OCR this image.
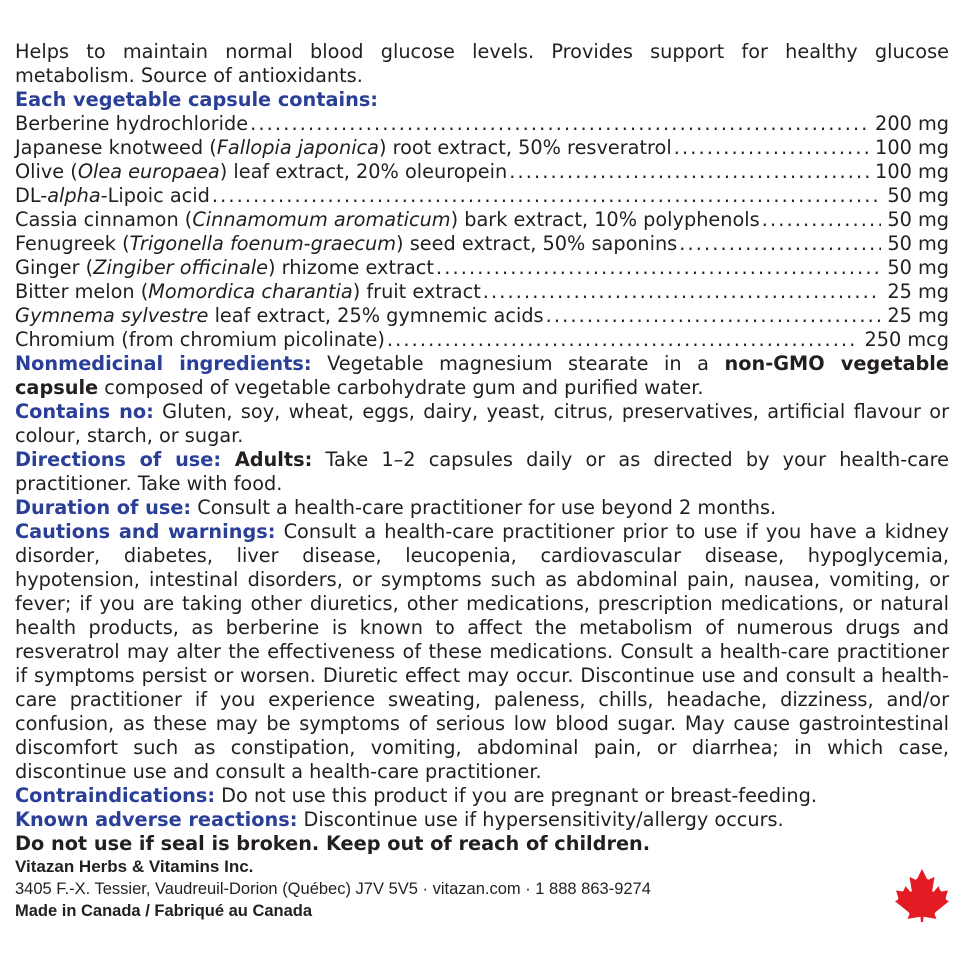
Helps to maintain normal blood glucose levels. Provides support for healthy glucose metabolism. Source of antioxidants.

Each vegetable capsule contains:

Berberine hydrochloride . . .	200 mg
Japanese knotweed (Fallopia japonica) root extract, 50% resveratrol . . .	100 mg
Olive (Olea europaea) leaf extract, 20% oleuropein . . .	100 mg
DL-alpha-Lipoic acid . . .	50 mg
Cassia cinnamon (Cinnamomum aromaticum) bark extract, 10% polyphenols . . .	50 mg
Fenugreek (Trigonella foenum-graecum) seed extract, 50% saponins . . .	50 mg
Ginger (Zingiber officinale) rhizome extract . . .	50 mg
Bitter melon (Momordica charantia) fruit extract . . .	25 mg
Gymnema sylvestre leaf extract, 25% gymnemic acids . . .	25 mg
Chromium (from chromium picolinate) . . .	250 mcg

Nonmedicinal ingredients: Vegetable magnesium stearate in a non-GMO vegetable capsule composed of vegetable carbohydrate gum and purified water.

Contains no: Gluten, soy, wheat, eggs, dairy, yeast, citrus, preservatives, artificial flavour or colour, starch, or sugar.

Directions of use: Adults: Take 1–2 capsules daily or as directed by your health-care practitioner. Take with food.

Duration of use: Consult a health-care practitioner for use beyond 2 months.

Cautions and warnings: Consult a health-care practitioner prior to use if you have a kidney disorder, diabetes, liver disease, leucopenia, cardiovascular disease, hypoglycemia, hypotension, intestinal disorders, or symptoms such as abdominal pain, nausea, vomiting, or fever; if you are taking other diuretics, other medications, prescription medications, or natural health products, as berberine is known to affect the metabolism of numerous drugs and resveratrol may alter the effectiveness of these medications. Consult a health-care practitioner if symptoms persist or worsen. Diuretic effect may occur. Discontinue use and consult a health-care practitioner if you experience sweating, paleness, chills, headache, dizziness, and/or confusion, as these may be symptoms of serious low blood sugar. May cause gastrointestinal discomfort such as constipation, vomiting, abdominal pain, or diarrhea; in which case, discontinue use and consult a health-care practitioner.

Contraindications: Do not use this product if you are pregnant or breast-feeding.

Known adverse reactions: Discontinue use if hypersensitivity/allergy occurs.

Do not use if seal is broken. Keep out of reach of children.

Vitazan Herbs & Vitamins Inc.
3405 F.-X. Tessier, Vaudreuil-Dorion (Québec) J7V 5V5 · vitazan.com · 1 888 863-9274
Made in Canada / Fabriqué au Canada
